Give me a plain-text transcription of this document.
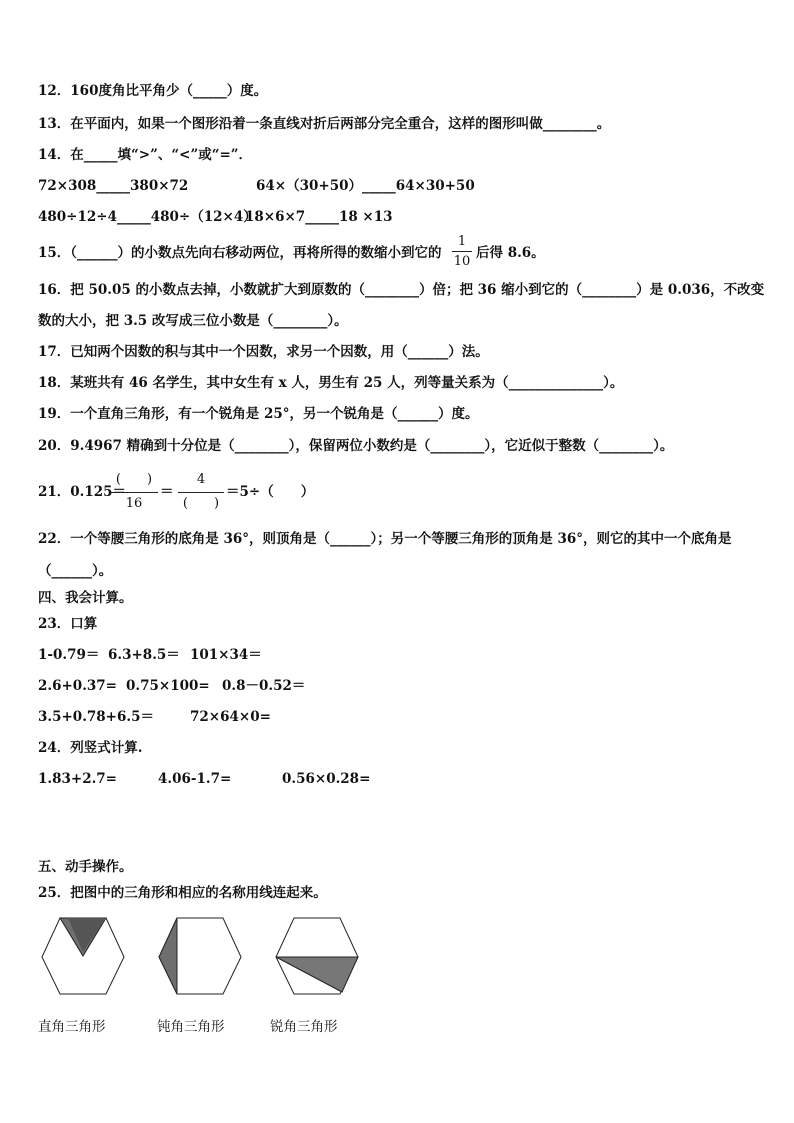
12．160度角比平角少（_____）度。
13．在平面内，如果一个图形沿着一条直线对折后两部分完全重合，这样的图形叫做________。
14．在_____填“>”、“<”或“=”．
72×308_____380×72	64×（30+50）_____64×30+50
480÷12÷4_____480÷（12×4）
18×6×7_____18 ×13
15．（______）的小数点先向右移动两位，再将所得的数缩小到它的
1
10
后得 8.6。
16．把 50.05 的小数点去掉，小数就扩大到原数的（________）倍；把 36 缩小到它的（________）是 0.036，不改变
数的大小，把 3.5 改写成三位小数是（________）。
17．已知两个因数的积与其中一个因数，求另一个因数，用（______）法。
18．某班共有 46 名学生，其中女生有 x 人，男生有 25 人，列等量关系为（______________）。
19．一个直角三角形，有一个锐角是 25°，另一个锐角是（______）度。
20．9.4967 精确到十分位是（________），保留两位小数约是（________），它近似于整数（________）。
21．0.125＝
(　　)
16
＝
4
(　　)
＝5÷（　　）
22．一个等腰三角形的底角是 36°，则顶角是（______）；另一个等腰三角形的顶角是 36°，则它的其中一个底角是
（______）。
四、我会计算。
23．口算
1-0.79＝ 6.3+8.5＝ 101×34＝
2.6+0.37= 0.75×100= 0.8－0.52＝
3.5+0.78+6.5＝	72×64×0=
24．列竖式计算.
1.83+2.7=	4.06-1.7=	0.56×0.28=
五、动手操作。
25．把图中的三角形和相应的名称用线连起来。
直角三角形	钝角三角形	锐角三角形
